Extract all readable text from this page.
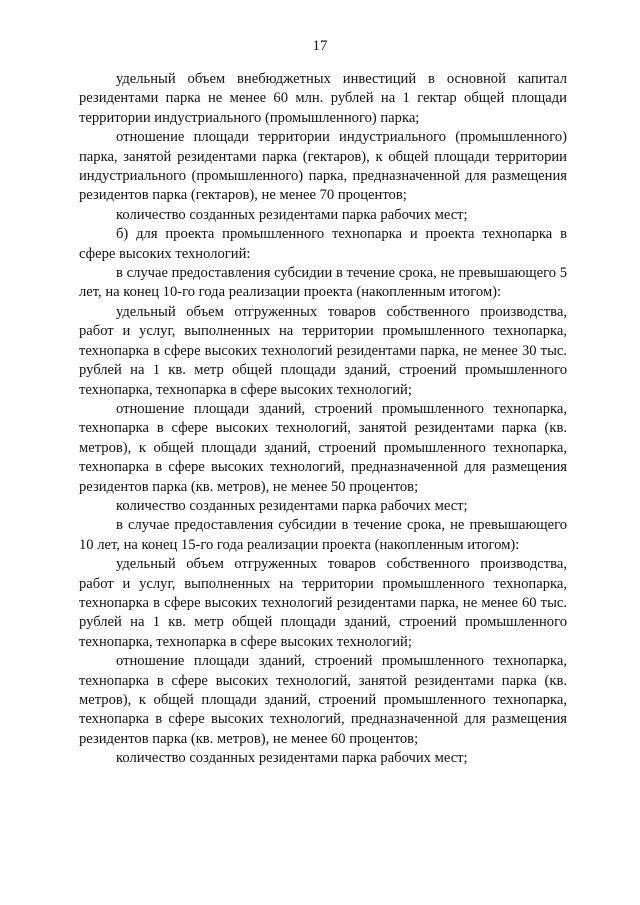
17

удельный объем внебюджетных инвестиций в основной капитал резидентами парка не менее 60 млн. рублей на 1 гектар общей площади территории индустриального (промышленного) парка;

отношение площади территории индустриального (промышленного) парка, занятой резидентами парка (гектаров), к общей площади территории индустриального (промышленного) парка, предназначенной для размещения резидентов парка (гектаров), не менее 70 процентов;

количество созданных резидентами парка рабочих мест;

б) для проекта промышленного технопарка и проекта технопарка в сфере высоких технологий:

в случае предоставления субсидии в течение срока, не превышающего 5 лет, на конец 10-го года реализации проекта (накопленным итогом):

удельный объем отгруженных товаров собственного производства, работ и услуг, выполненных на территории промышленного технопарка, технопарка в сфере высоких технологий резидентами парка, не менее 30 тыс. рублей на 1 кв. метр общей площади зданий, строений промышленного технопарка, технопарка в сфере высоких технологий;

отношение площади зданий, строений промышленного технопарка, технопарка в сфере высоких технологий, занятой резидентами парка (кв. метров), к общей площади зданий, строений промышленного технопарка, технопарка в сфере высоких технологий, предназначенной для размещения резидентов парка (кв. метров), не менее 50 процентов;

количество созданных резидентами парка рабочих мест;

в случае предоставления субсидии в течение срока, не превышающего 10 лет, на конец 15-го года реализации проекта (накопленным итогом):

удельный объем отгруженных товаров собственного производства, работ и услуг, выполненных на территории промышленного технопарка, технопарка в сфере высоких технологий резидентами парка, не менее 60 тыс. рублей на 1 кв. метр общей площади зданий, строений промышленного технопарка, технопарка в сфере высоких технологий;

отношение площади зданий, строений промышленного технопарка, технопарка в сфере высоких технологий, занятой резидентами парка (кв. метров), к общей площади зданий, строений промышленного технопарка, технопарка в сфере высоких технологий, предназначенной для размещения резидентов парка (кв. метров), не менее 60 процентов;

количество созданных резидентами парка рабочих мест;
